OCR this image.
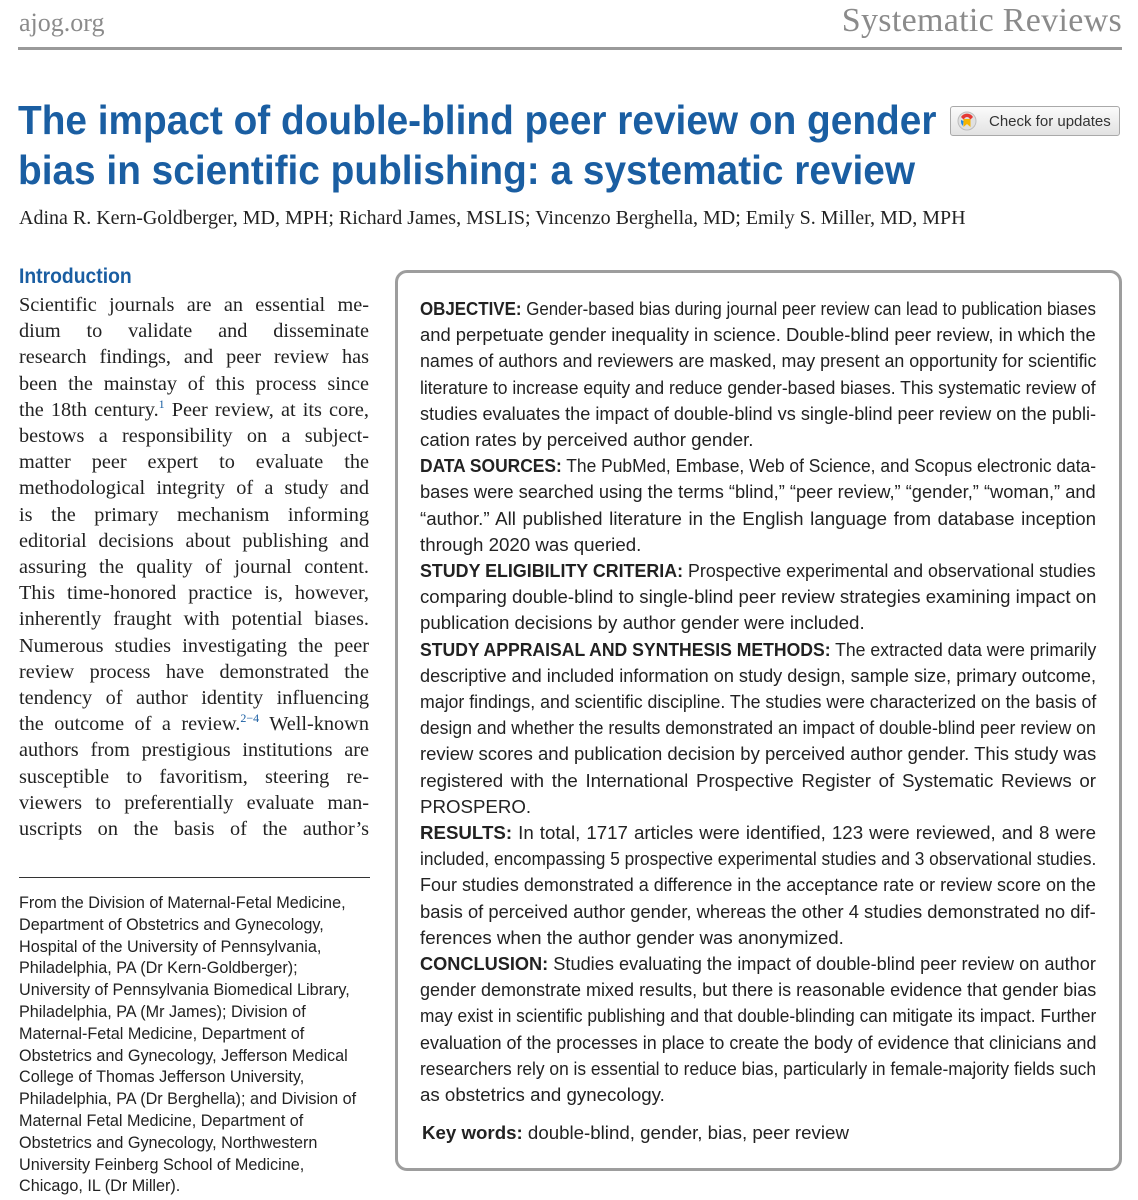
ajog.org	Systematic Reviews
The impact of double-blind peer review on gender
bias in scientific publishing: a systematic review
Check for updates
Adina R. Kern-Goldberger, MD, MPH; Richard James, MSLIS; Vincenzo Berghella, MD; Emily S. Miller, MD, MPH
Introduction
Scientific journals are an essential me-
dium to validate and disseminate
research findings, and peer review has
been the mainstay of this process since
the 18th century.$^1$ Peer review, at its core,
bestows a responsibility on a subject-
matter peer expert to evaluate the
methodological integrity of a study and
is the primary mechanism informing
editorial decisions about publishing and
assuring the quality of journal content.
This time-honored practice is, however,
inherently fraught with potential biases.
Numerous studies investigating the peer
review process have demonstrated the
tendency of author identity influencing
the outcome of a review.$^{2-4}$ Well-known
authors from prestigious institutions are
susceptible to favoritism, steering re-
viewers to preferentially evaluate man-
uscripts on the basis of the author’s
From the Division of Maternal-Fetal Medicine,
Department of Obstetrics and Gynecology,
Hospital of the University of Pennsylvania,
Philadelphia, PA (Dr Kern-Goldberger);
University of Pennsylvania Biomedical Library,
Philadelphia, PA (Mr James); Division of
Maternal-Fetal Medicine, Department of
Obstetrics and Gynecology, Jefferson Medical
College of Thomas Jefferson University,
Philadelphia, PA (Dr Berghella); and Division of
Maternal Fetal Medicine, Department of
Obstetrics and Gynecology, Northwestern
University Feinberg School of Medicine,
Chicago, IL (Dr Miller).
OBJECTIVE: Gender-based bias during journal peer review can lead to publication biases
and perpetuate gender inequality in science. Double-blind peer review, in which the
names of authors and reviewers are masked, may present an opportunity for scientific
literature to increase equity and reduce gender-based biases. This systematic review of
studies evaluates the impact of double-blind vs single-blind peer review on the publi-
cation rates by perceived author gender.
DATA SOURCES: The PubMed, Embase, Web of Science, and Scopus electronic data-
bases were searched using the terms “blind,” “peer review,” “gender,” “woman,” and
“author.” All published literature in the English language from database inception
through 2020 was queried.
STUDY ELIGIBILITY CRITERIA: Prospective experimental and observational studies
comparing double-blind to single-blind peer review strategies examining impact on
publication decisions by author gender were included.
STUDY APPRAISAL AND SYNTHESIS METHODS: The extracted data were primarily
descriptive and included information on study design, sample size, primary outcome,
major findings, and scientific discipline. The studies were characterized on the basis of
design and whether the results demonstrated an impact of double-blind peer review on
review scores and publication decision by perceived author gender. This study was
registered with the International Prospective Register of Systematic Reviews or
PROSPERO.
RESULTS: In total, 1717 articles were identified, 123 were reviewed, and 8 were
included, encompassing 5 prospective experimental studies and 3 observational studies.
Four studies demonstrated a difference in the acceptance rate or review score on the
basis of perceived author gender, whereas the other 4 studies demonstrated no dif-
ferences when the author gender was anonymized.
CONCLUSION: Studies evaluating the impact of double-blind peer review on author
gender demonstrate mixed results, but there is reasonable evidence that gender bias
may exist in scientific publishing and that double-blinding can mitigate its impact. Further
evaluation of the processes in place to create the body of evidence that clinicians and
researchers rely on is essential to reduce bias, particularly in female-majority fields such
as obstetrics and gynecology.
Key words: double-blind, gender, bias, peer review
